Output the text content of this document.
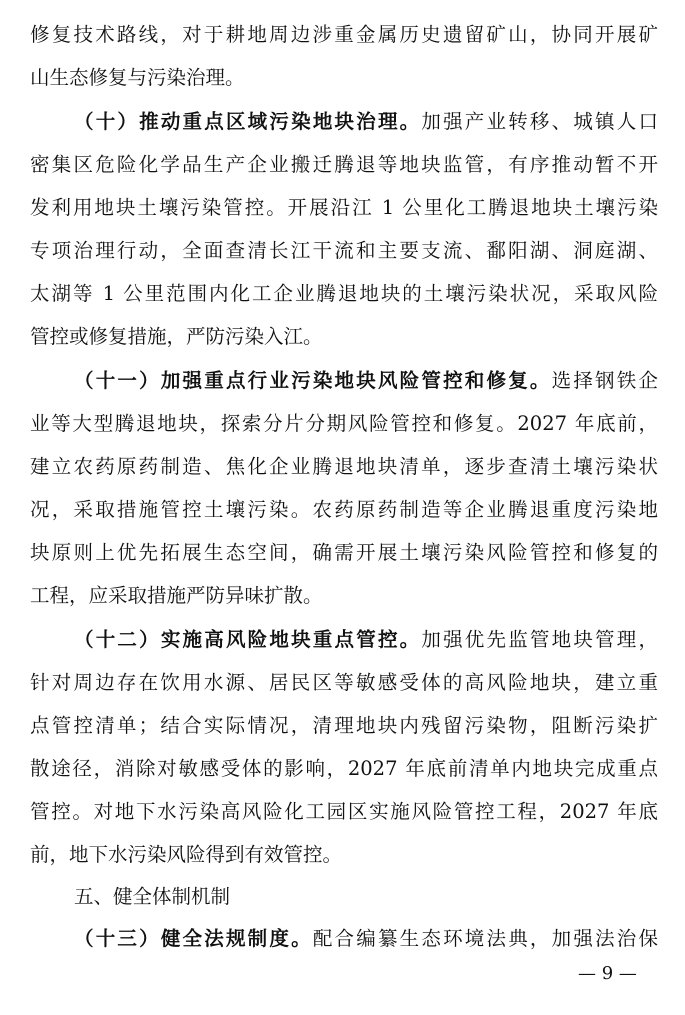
修复技术路线，对于耕地周边涉重金属历史遗留矿山，协同开展矿
山生态修复与污染治理。
（十）推动重点区域污染地块治理。加强产业转移、城镇人口
密集区危险化学品生产企业搬迁腾退等地块监管，有序推动暂不开
发利用地块土壤污染管控。开展沿江 1 公里化工腾退地块土壤污染
专项治理行动，全面查清长江干流和主要支流、鄱阳湖、洞庭湖、
太湖等 1 公里范围内化工企业腾退地块的土壤污染状况，采取风险
管控或修复措施，严防污染入江。
（十一）加强重点行业污染地块风险管控和修复。选择钢铁企
业等大型腾退地块，探索分片分期风险管控和修复。2027 年底前，
建立农药原药制造、焦化企业腾退地块清单，逐步查清土壤污染状
况，采取措施管控土壤污染。农药原药制造等企业腾退重度污染地
块原则上优先拓展生态空间，确需开展土壤污染风险管控和修复的
工程，应采取措施严防异味扩散。
（十二）实施高风险地块重点管控。加强优先监管地块管理，
针对周边存在饮用水源、居民区等敏感受体的高风险地块，建立重
点管控清单；结合实际情况，清理地块内残留污染物，阻断污染扩
散途径，消除对敏感受体的影响，2027 年底前清单内地块完成重点
管控。对地下水污染高风险化工园区实施风险管控工程，2027 年底
前，地下水污染风险得到有效管控。
五、健全体制机制
（十三）健全法规制度。配合编纂生态环境法典，加强法治保
— 9 —
